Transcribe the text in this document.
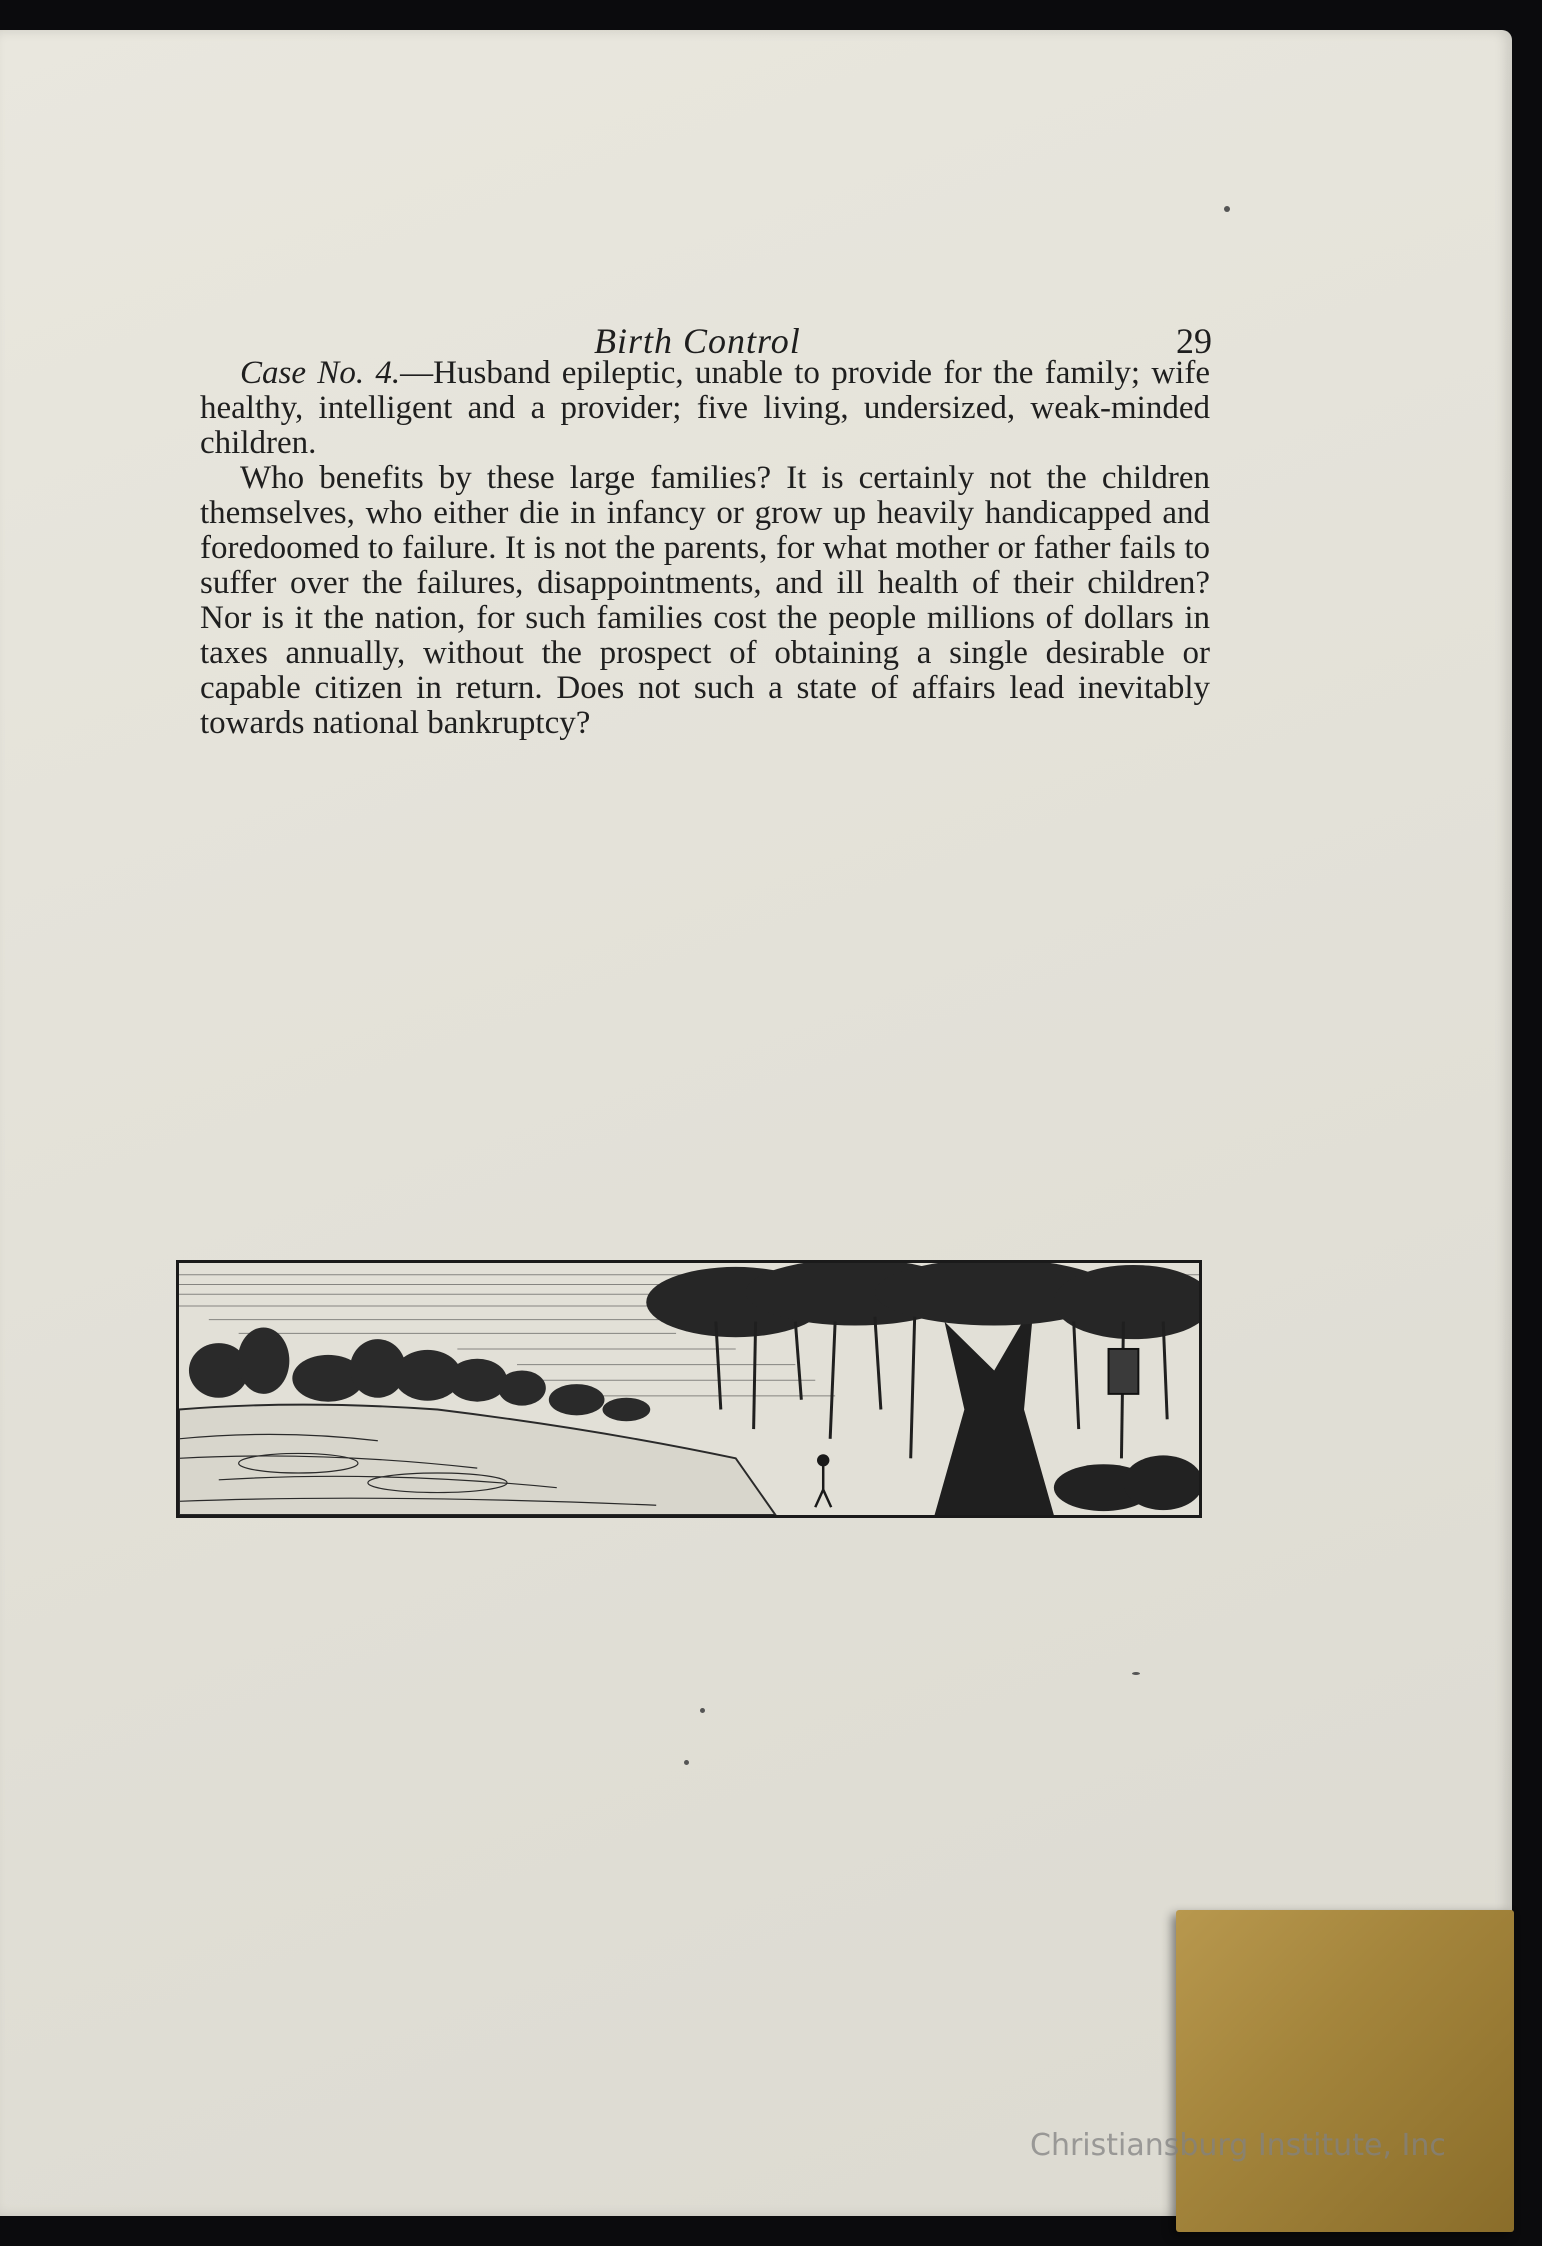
Birth Control	29

Case No. 4.—Husband epileptic, unable to provide for the family; wife healthy, intelligent and a provider; five living, undersized, weak-minded children.

Who benefits by these large families? It is certainly not the children themselves, who either die in infancy or grow up heavily handicapped and foredoomed to failure. It is not the parents, for what mother or father fails to suffer over the failures, disappointments, and ill health of their children? Nor is it the nation, for such families cost the people millions of dollars in taxes annually, without the prospect of obtaining a single desirable or capable citizen in return. Does not such a state of affairs lead inevitably towards national bankruptcy?

Christiansburg Institute, Inc
